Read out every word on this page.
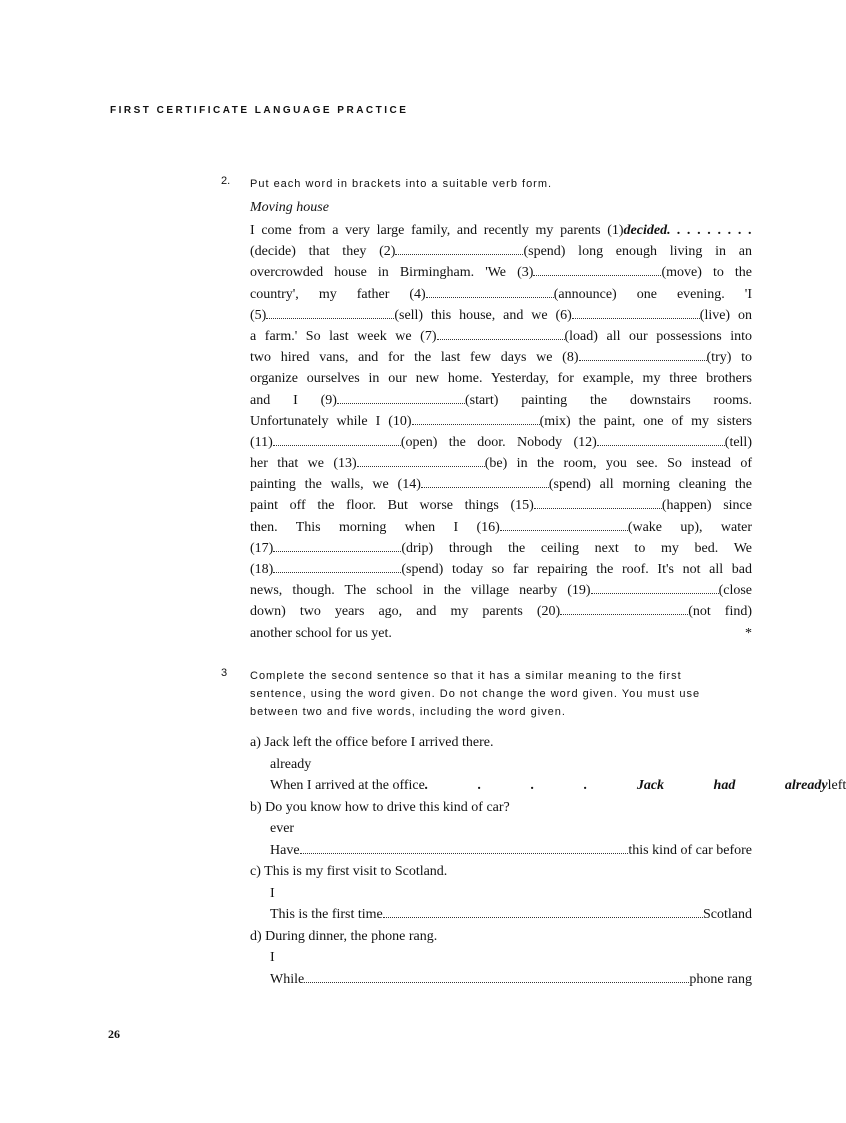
FIRST CERTIFICATE LANGUAGE PRACTICE
2. Put each word in brackets into a suitable verb form.
Moving house
I come from a very large family, and recently my parents (1)decided. . . . . . . . .
(decide) that they (2)	(spend) long enough living in an
overcrowded house in Birmingham. 'We (3)	(move) to the
country', my father (4)	(announce) one evening. 'I
(5)	(sell) this house, and we (6)	(live) on
a farm.' So last week we (7)	(load) all our possessions into
two hired vans, and for the last few days we (8)	(try) to
organize ourselves in our new home. Yesterday, for example, my three brothers
and I (9)	(start) painting the downstairs rooms.
Unfortunately while I (10)	(mix) the paint, one of my sisters
(11)	(open) the door. Nobody (12)	(tell)
her that we (13)	(be) in the room, you see. So instead of
painting the walls, we (14)	(spend) all morning cleaning the
paint off the floor. But worse things (15)	(happen) since
then. This morning when I (16)	(wake up), water
(17)	(drip) through the ceiling next to my bed. We
(18)	(spend) today so far repairing the roof. It's not all bad
news, though. The school in the village nearby (19)	(close
down) two years ago, and my parents (20)	(not find)
another school for us yet.	*
3 Complete the second sentence so that it has a similar meaning to the first
sentence, using the word given. Do not change the word given. You must use
between two and five words, including the word given.
a) Jack left the office before I arrived there.
already
When I arrived at the office . . . . Jack had already left
b) Do you know how to drive this kind of car?
ever
Have	this kind of car before
c) This is my first visit to Scotland.
I
This is the first time	Scotland
d) During dinner, the phone rang.
I
While	phone rang
26
